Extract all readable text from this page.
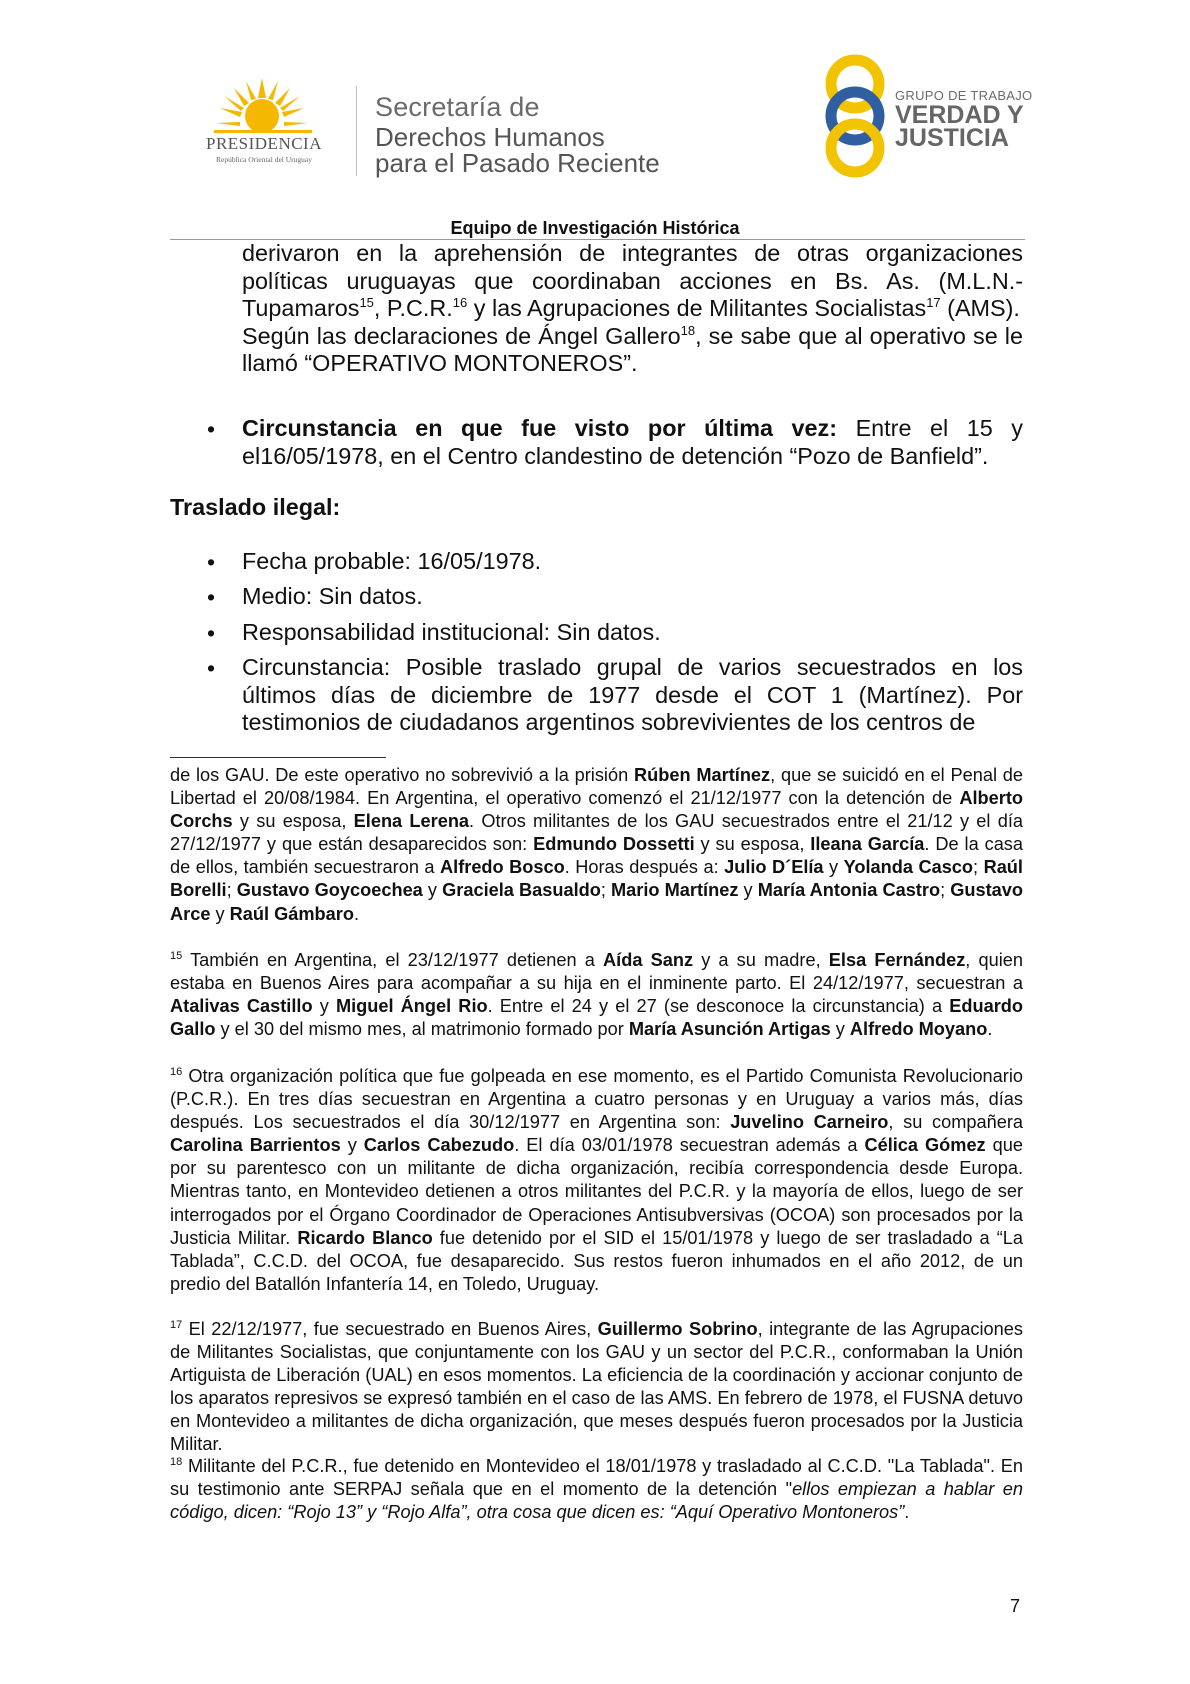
PRESIDENCIA
República Oriental del Uruguay
Secretaría de
Derechos Humanos
para el Pasado Reciente
GRUPO DE TRABAJO
VERDAD Y
JUSTICIA
Equipo de Investigación Histórica
derivaron en la aprehensión de integrantes de otras organizaciones políticas uruguayas que coordinaban acciones en Bs. As. (M.L.N.-Tupamaros$^{15}$, P.C.R.$^{16}$ y las Agrupaciones de Militantes Socialistas$^{17}$ (AMS).
Según las declaraciones de Ángel Gallero$^{18}$, se sabe que al operativo se le llamó “OPERATIVO MONTONEROS”.
• Circunstancia en que fue visto por última vez: Entre el 15 y el16/05/1978, en el Centro clandestino de detención “Pozo de Banfield”.
Traslado ilegal:
• Fecha probable: 16/05/1978.
• Medio: Sin datos.
• Responsabilidad institucional: Sin datos.
• Circunstancia: Posible traslado grupal de varios secuestrados en los últimos días de diciembre de 1977 desde el COT 1 (Martínez). Por testimonios de ciudadanos argentinos sobrevivientes de los centros de
de los GAU. De este operativo no sobrevivió a la prisión Rúben Martínez, que se suicidó en el Penal de Libertad el 20/08/1984. En Argentina, el operativo comenzó el 21/12/1977 con la detención de Alberto Corchs y su esposa, Elena Lerena. Otros militantes de los GAU secuestrados entre el 21/12 y el día 27/12/1977 y que están desaparecidos son: Edmundo Dossetti y su esposa, Ileana García. De la casa de ellos, también secuestraron a Alfredo Bosco. Horas después a: Julio D´Elía y Yolanda Casco; Raúl Borelli; Gustavo Goycoechea y Graciela Basualdo; Mario Martínez y María Antonia Castro; Gustavo Arce y Raúl Gámbaro.
$^{15}$ También en Argentina, el 23/12/1977 detienen a Aída Sanz y a su madre, Elsa Fernández, quien estaba en Buenos Aires para acompañar a su hija en el inminente parto. El 24/12/1977, secuestran a Atalivas Castillo y Miguel Ángel Rio. Entre el 24 y el 27 (se desconoce la circunstancia) a Eduardo Gallo y el 30 del mismo mes, al matrimonio formado por María Asunción Artigas y Alfredo Moyano.
$^{16}$ Otra organización política que fue golpeada en ese momento, es el Partido Comunista Revolucionario (P.C.R.). En tres días secuestran en Argentina a cuatro personas y en Uruguay a varios más, días después. Los secuestrados el día 30/12/1977 en Argentina son: Juvelino Carneiro, su compañera Carolina Barrientos y Carlos Cabezudo. El día 03/01/1978 secuestran además a Célica Gómez que por su parentesco con un militante de dicha organización, recibía correspondencia desde Europa. Mientras tanto, en Montevideo detienen a otros militantes del P.C.R. y la mayoría de ellos, luego de ser interrogados por el Órgano Coordinador de Operaciones Antisubversivas (OCOA) son procesados por la Justicia Militar. Ricardo Blanco fue detenido por el SID el 15/01/1978 y luego de ser trasladado a “La Tablada”, C.C.D. del OCOA, fue desaparecido. Sus restos fueron inhumados en el año 2012, de un predio del Batallón Infantería 14, en Toledo, Uruguay.
$^{17}$ El 22/12/1977, fue secuestrado en Buenos Aires, Guillermo Sobrino, integrante de las Agrupaciones de Militantes Socialistas, que conjuntamente con los GAU y un sector del P.C.R., conformaban la Unión Artiguista de Liberación (UAL) en esos momentos. La eficiencia de la coordinación y accionar conjunto de los aparatos represivos se expresó también en el caso de las AMS. En febrero de 1978, el FUSNA detuvo en Montevideo a militantes de dicha organización, que meses después fueron procesados por la Justicia Militar.
$^{18}$ Militante del P.C.R., fue detenido en Montevideo el 18/01/1978 y trasladado al C.C.D. "La Tablada". En su testimonio ante SERPAJ señala que en el momento de la detención "ellos empiezan a hablar en código, dicen: “Rojo 13” y “Rojo Alfa”, otra cosa que dicen es: “Aquí Operativo Montoneros”.
7
